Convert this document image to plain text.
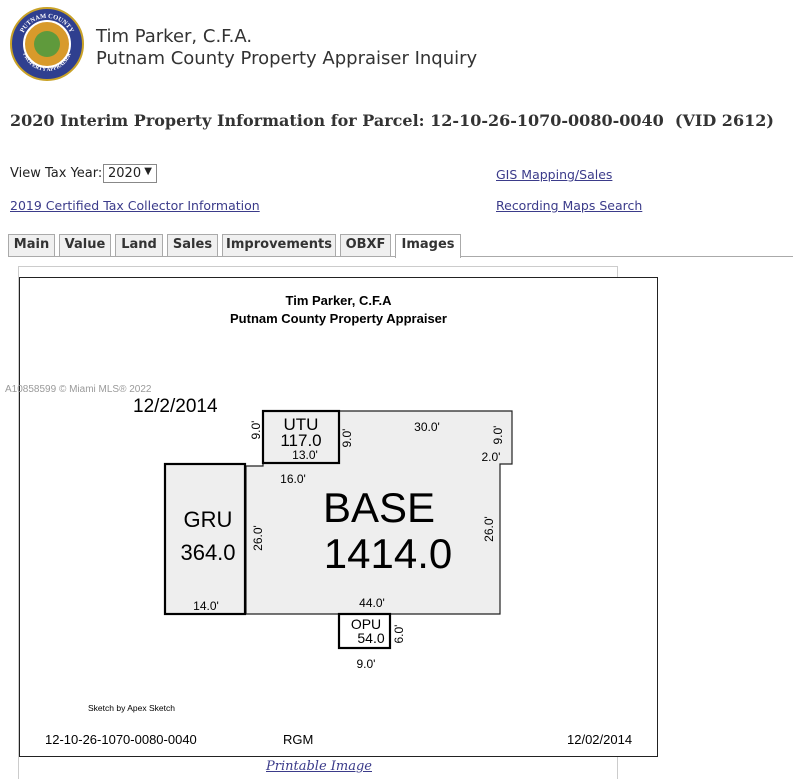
PUTNAM COUNTY
PROPERTY APPRAISER
Tim Parker, C.F.A.
Putnam County Property Appraiser Inquiry
2020 Interim Property Information for Parcel: 12-10-26-1070-0080-0040  (VID 2612)
View Tax Year: 2020 ▼	GIS Mapping/Sales
2019 Certified Tax Collector Information	Recording Maps Search
Main	Value	Land	Sales	Improvements	OBXF	Images
Tim Parker, C.F.A
Putnam County Property Appraiser
12/2/2014
UTU
117.0
13.0'
9.0'	9.0'
30.0'	9.0'
2.0'
16.0'
BASE
1414.0
26.0'	26.0'
44.0'
GRU
364.0
14.0'
OPU
54.0 6.0'
9.0'
A10858599 © Miami MLS® 2022
Sketch by Apex Sketch
12-10-26-1070-0080-0040	RGM	12/02/2014
Printable Image
